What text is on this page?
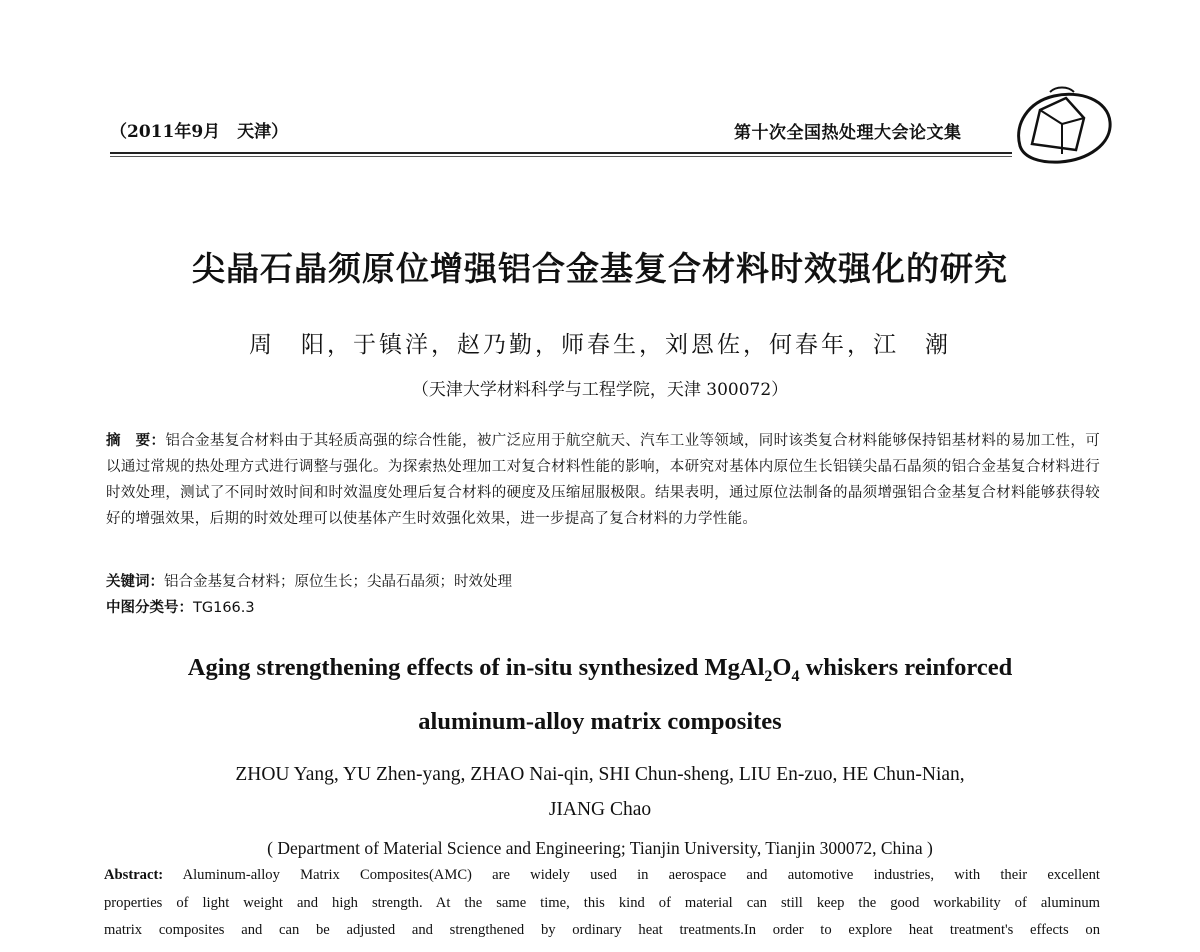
（2011年9月　天津）	第十次全国热处理大会论文集
尖晶石晶须原位增强铝合金基复合材料时效强化的研究
周　阳，于镇洋，赵乃勤，师春生，刘恩佐，何春年，江　潮
（天津大学材料科学与工程学院，天津 300072）
摘　要：铝合金基复合材料由于其轻质高强的综合性能，被广泛应用于航空航天、汽车工业等领域，同时该类复合材料能够保持铝基材料的易加工性，可以通过常规的热处理方式进行调整与强化。为探索热处理加工对复合材料性能的影响，本研究对基体内原位生长铝镁尖晶石晶须的铝合金基复合材料进行时效处理，测试了不同时效时间和时效温度处理后复合材料的硬度及压缩屈服极限。结果表明，通过原位法制备的晶须增强铝合金基复合材料能够获得较好的增强效果，后期的时效处理可以使基体产生时效强化效果，进一步提高了复合材料的力学性能。
关键词：铝合金基复合材料；原位生长；尖晶石晶须；时效处理
中图分类号：TG166.3
Aging strengthening effects of in-situ synthesized $MgAl_2O_4$ whiskers reinforced
aluminum-alloy matrix composites
ZHOU Yang, YU Zhen-yang, ZHAO Nai-qin, SHI Chun-sheng, LIU En-zuo, HE Chun-Nian,
JIANG Chao
( Department of Material Science and Engineering; Tianjin University, Tianjin 300072, China )
Abstract: Aluminum-alloy Matrix Composites(AMC) are widely used in aerospace and automotive industries, with their excellent
properties of light weight and high strength. At the same time, this kind of material can still keep the good workability of aluminum
matrix composites and can be adjusted and strengthened by ordinary heat treatments.In order to explore heat treatment's effects on
